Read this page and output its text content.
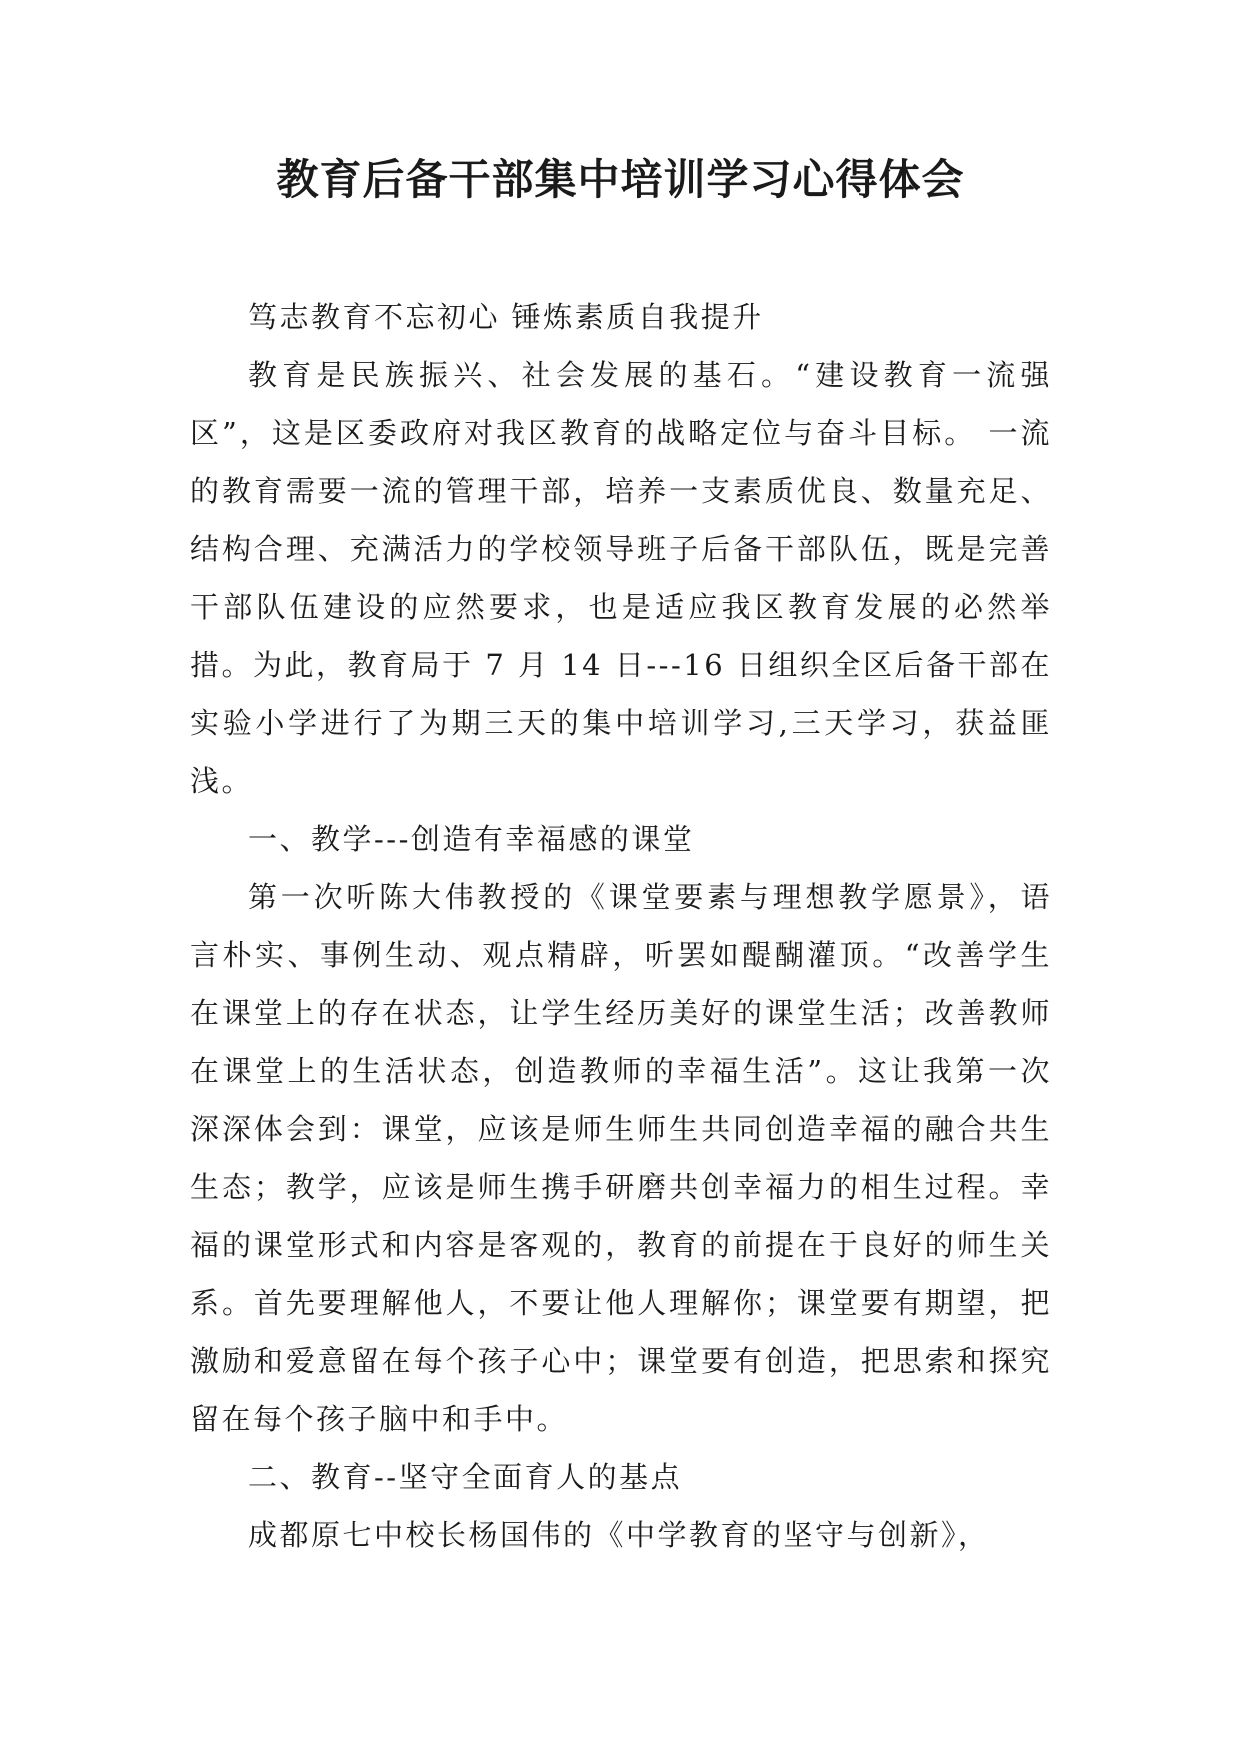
教育后备干部集中培训学习心得体会

笃志教育不忘初心 锤炼素质自我提升

教育是民族振兴、社会发展的基石。“建设教育一流强区”，这是区委政府对我区教育的战略定位与奋斗目标。 一流的教育需要一流的管理干部，培养一支素质优良、数量充足、结构合理、充满活力的学校领导班子后备干部队伍，既是完善干部队伍建设的应然要求，也是适应我区教育发展的必然举措。为此，教育局于 7 月 14 日---16 日组织全区后备干部在实验小学进行了为期三天的集中培训学习,三天学习，获益匪浅。

一、教学---创造有幸福感的课堂

第一次听陈大伟教授的《课堂要素与理想教学愿景》，语言朴实、事例生动、观点精辟，听罢如醍醐灌顶。“改善学生在课堂上的存在状态，让学生经历美好的课堂生活；改善教师在课堂上的生活状态，创造教师的幸福生活”。这让我第一次深深体会到：课堂，应该是师生师生共同创造幸福的融合共生生态；教学，应该是师生携手研磨共创幸福力的相生过程。幸福的课堂形式和内容是客观的，教育的前提在于良好的师生关系。首先要理解他人，不要让他人理解你；课堂要有期望，把激励和爱意留在每个孩子心中；课堂要有创造，把思索和探究留在每个孩子脑中和手中。

二、教育--坚守全面育人的基点

成都原七中校长杨国伟的《中学教育的坚守与创新》，
